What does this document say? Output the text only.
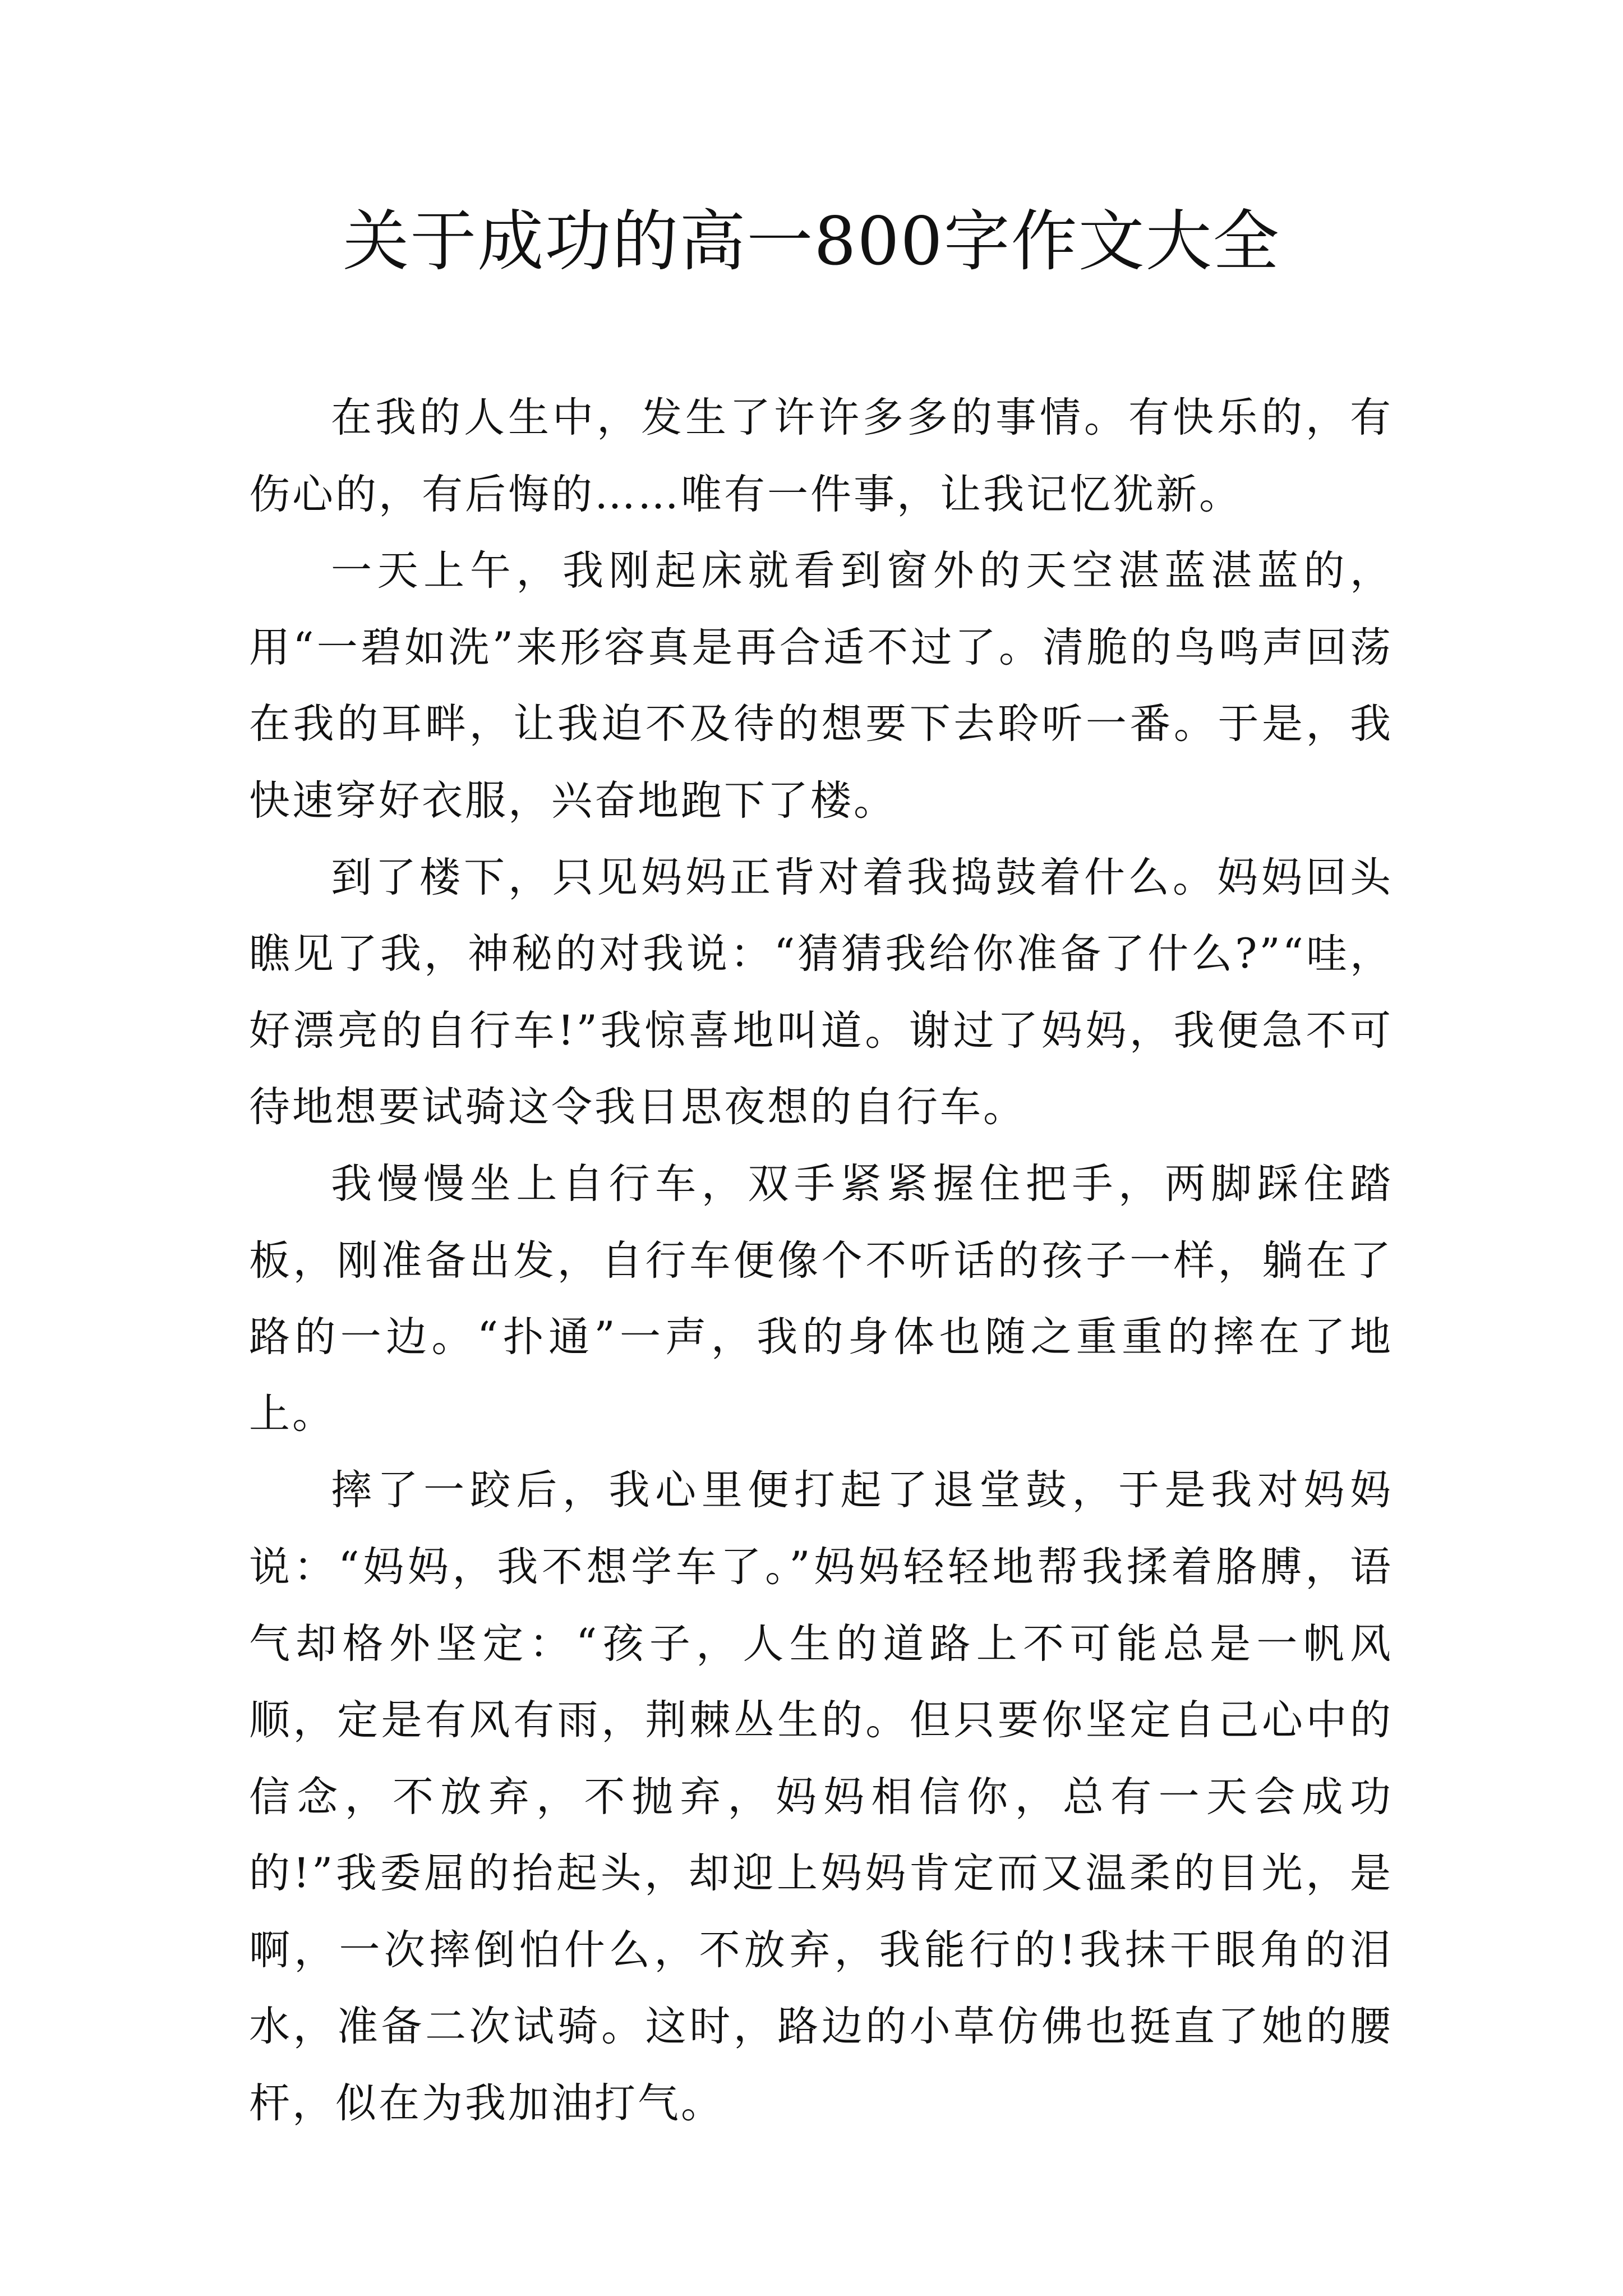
关于成功的高一800字作文大全

在我的人生中，发生了许许多多的事情。有快乐的，有伤心的，有后悔的……唯有一件事，让我记忆犹新。

一天上午，我刚起床就看到窗外的天空湛蓝湛蓝的，用“一碧如洗”来形容真是再合适不过了。清脆的鸟鸣声回荡在我的耳畔，让我迫不及待的想要下去聆听一番。于是，我快速穿好衣服，兴奋地跑下了楼。

到了楼下，只见妈妈正背对着我捣鼓着什么。妈妈回头瞧见了我，神秘的对我说：“猜猜我给你准备了什么?”“哇，好漂亮的自行车!”我惊喜地叫道。谢过了妈妈，我便急不可待地想要试骑这令我日思夜想的自行车。

我慢慢坐上自行车，双手紧紧握住把手，两脚踩住踏板，刚准备出发，自行车便像个不听话的孩子一样，躺在了路的一边。“扑通”一声，我的身体也随之重重的摔在了地上。

摔了一跤后，我心里便打起了退堂鼓，于是我对妈妈说：“妈妈，我不想学车了。”妈妈轻轻地帮我揉着胳膊，语气却格外坚定：“孩子，人生的道路上不可能总是一帆风顺，定是有风有雨，荆棘丛生的。但只要你坚定自己心中的信念，不放弃，不抛弃，妈妈相信你，总有一天会成功的!”我委屈的抬起头，却迎上妈妈肯定而又温柔的目光，是啊，一次摔倒怕什么，不放弃，我能行的!我抹干眼角的泪水，准备二次试骑。这时，路边的小草仿佛也挺直了她的腰杆，似在为我加油打气。
